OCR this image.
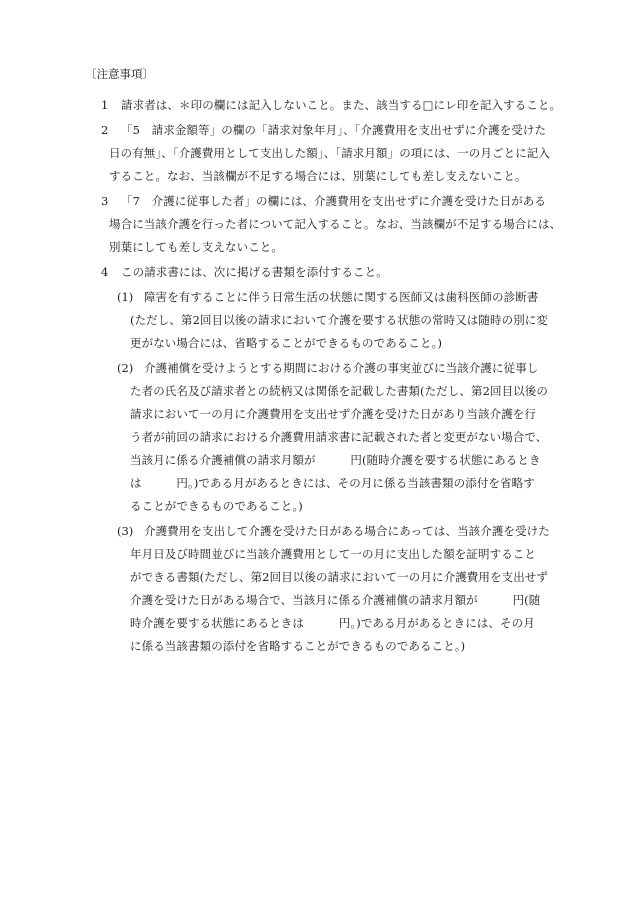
〔注意事項〕
1 請求者は、＊印の欄には記入しないこと。また、該当する□にレ印を記入すること。
2 「5　請求金額等」の欄の「請求対象年月」、「介護費用を支出せずに介護を受けた
日の有無」、「介護費用として支出した額」、「請求月額」の項には、一の月ごとに記入
すること。なお、当該欄が不足する場合には、別葉にしても差し支えないこと。
3 「7　介護に従事した者」の欄には、介護費用を支出せずに介護を受けた日がある
場合に当該介護を行った者について記入すること。なお、当該欄が不足する場合には、
別葉にしても差し支えないこと。
4 この請求書には、次に掲げる書類を添付すること。
(1) 障害を有することに伴う日常生活の状態に関する医師又は歯科医師の診断書
(ただし、第2回目以後の請求において介護を要する状態の常時又は随時の別に変
更がない場合には、省略することができるものであること。)
(2) 介護補償を受けようとする期間における介護の事実並びに当該介護に従事し
た者の氏名及び請求者との続柄又は関係を記載した書類(ただし、第2回目以後の
請求において一の月に介護費用を支出せず介護を受けた日があり当該介護を行
う者が前回の請求における介護費用請求書に記載された者と変更がない場合で、
当該月に係る介護補償の請求月額が　　　円(随時介護を要する状態にあるとき
は　　　円。)である月があるときには、その月に係る当該書類の添付を省略す
ることができるものであること。)
(3) 介護費用を支出して介護を受けた日がある場合にあっては、当該介護を受けた
年月日及び時間並びに当該介護費用として一の月に支出した額を証明すること
ができる書類(ただし、第2回目以後の請求において一の月に介護費用を支出せず
介護を受けた日がある場合で、当該月に係る介護補償の請求月額が　　　円(随
時介護を要する状態にあるときは　　　円。)である月があるときには、その月
に係る当該書類の添付を省略することができるものであること。)
